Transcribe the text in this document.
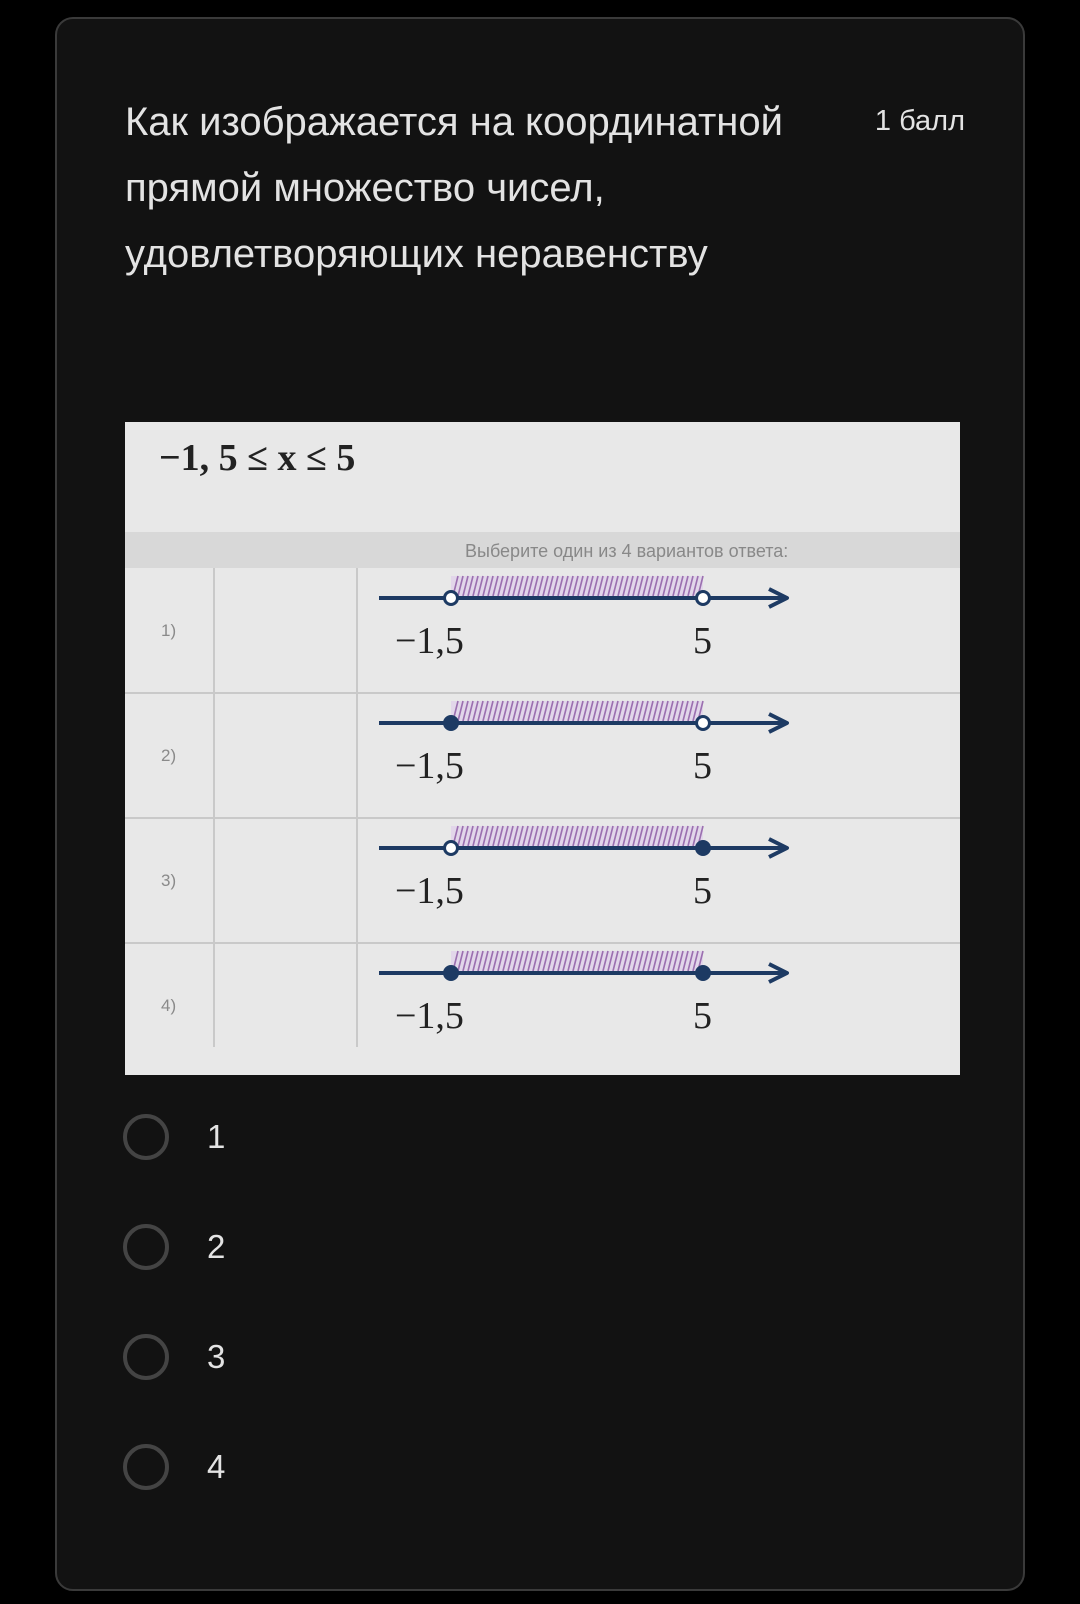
Как изображается на координатной прямой множество чисел, удовлетворяющих неравенству
1 балл
−1, 5 ≤ x ≤ 5
Выберите один из 4 вариантов ответа:
1)	−1,5	5
2)	−1,5	5
3)	−1,5	5
4)	−1,5	5
1
2
3
4
